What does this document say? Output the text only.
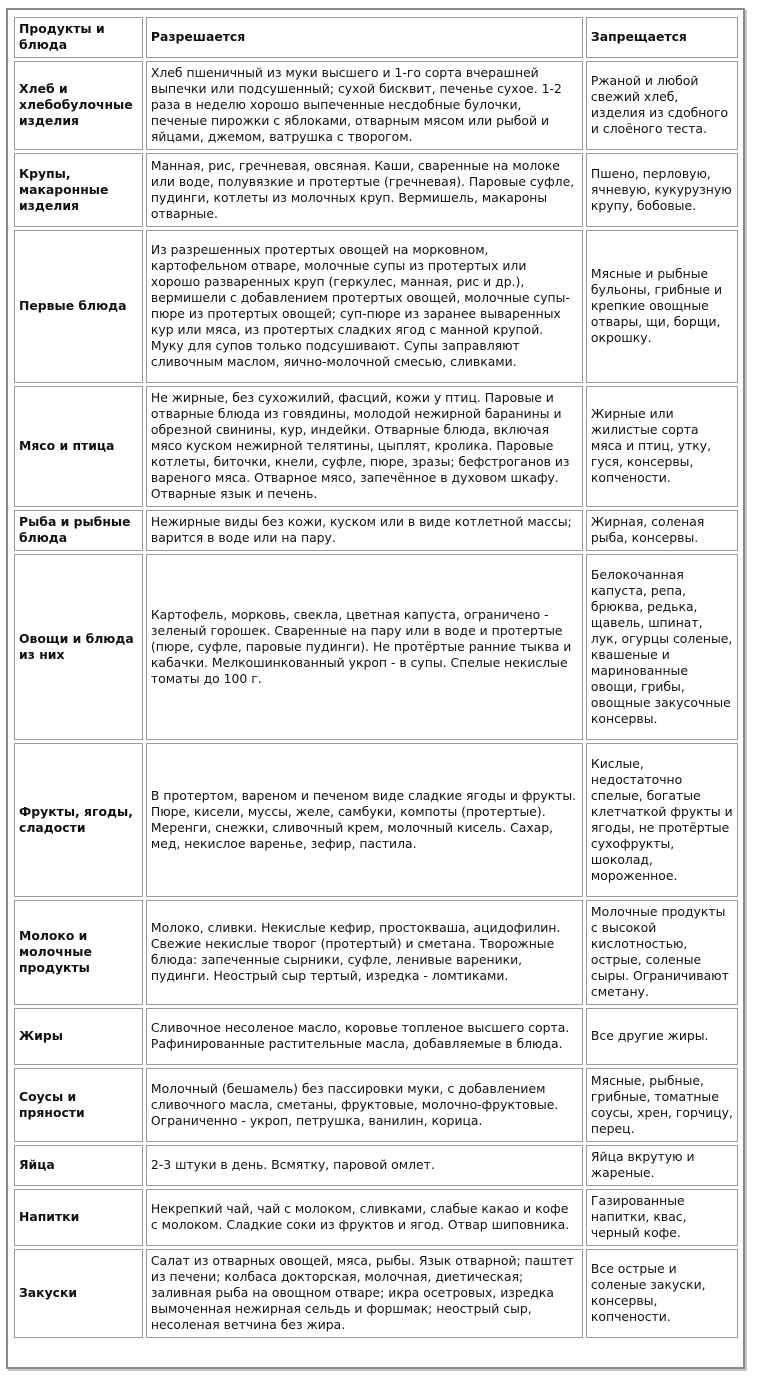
Продукты и блюда	Разрешается	Запрещается
Хлеб и хлебобулочные изделия	Хлеб пшеничный из муки высшего и 1-го сорта вчерашней выпечки или подсушенный; сухой бисквит, печенье сухое. 1-2 раза в неделю хорошо выпеченные несдобные булочки, печеные пирожки с яблоками, отварным мясом или рыбой и яйцами, джемом, ватрушка с творогом.	Ржаной и любой свежий хлеб, изделия из сдобного и слоёного теста.
Крупы, макаронные изделия	Манная, рис, гречневая, овсяная. Каши, сваренные на молоке или воде, полувязкие и протертые (гречневая). Паровые суфле, пудинги, котлеты из молочных круп. Вермишель, макароны отварные.	Пшено, перловую, ячневую, кукурузную крупу, бобовые.
Первые блюда	Из разрешенных протертых овощей на морковном, картофельном отваре, молочные супы из протертых или хорошо разваренных круп (геркулес, манная, рис и др.), вермишели с добавлением протертых овощей, молочные супы-пюре из протертых овощей; суп-пюре из заранее вываренных кур или мяса, из протертых сладких ягод с манной крупой. Муку для супов только подсушивают. Супы заправляют сливочным маслом, яично-молочной смесью, сливками.	Мясные и рыбные бульоны, грибные и крепкие овощные отвары, щи, борщи, окрошку.
Мясо и птица	Не жирные, без сухожилий, фасций, кожи у птиц. Паровые и отварные блюда из говядины, молодой нежирной баранины и обрезной свинины, кур, индейки. Отварные блюда, включая мясо куском нежирной телятины, цыплят, кролика. Паровые котлеты, биточки, кнели, суфле, пюре, зразы; бефстроганов из вареного мяса. Отварное мясо, запечённое в духовом шкафу. Отварные язык и печень.	Жирные или жилистые сорта мяса и птиц, утку, гуся, консервы, копчености.
Рыба и рыбные блюда	Нежирные виды без кожи, куском или в виде котлетной массы; варится в воде или на пару.	Жирная, соленая рыба, консервы.
Овощи и блюда из них	Картофель, морковь, свекла, цветная капуста, ограничено - зеленый горошек. Сваренные на пару или в воде и протертые (пюре, суфле, паровые пудинги). Не протёртые ранние тыква и кабачки. Мелкошинкованный укроп - в супы. Спелые некислые томаты до 100 г.	Белокочанная капуста, репа, брюква, редька, щавель, шпинат, лук, огурцы соленые, квашеные и маринованные овощи, грибы, овощные закусочные консервы.
Фрукты, ягоды, сладости	В протертом, вареном и печеном виде сладкие ягоды и фрукты. Пюре, кисели, муссы, желе, самбуки, компоты (протертые). Меренги, снежки, сливочный крем, молочный кисель. Сахар, мед, некислое варенье, зефир, пастила.	Кислые, недостаточно спелые, богатые клетчаткой фрукты и ягоды, не протёртые сухофрукты, шоколад, мороженное.
Молоко и молочные продукты	Молоко, сливки. Некислые кефир, простокваша, ацидофилин. Свежие некислые творог (протертый) и сметана. Творожные блюда: запеченные сырники, суфле, ленивые вареники, пудинги. Неострый сыр тертый, изредка - ломтиками.	Молочные продукты с высокой кислотностью, острые, соленые сыры. Ограничивают сметану.
Жиры	Сливочное несоленое масло, коровье топленое высшего сорта. Рафинированные растительные масла, добавляемые в блюда.	Все другие жиры.
Соусы и пряности	Молочный (бешамель) без пассировки муки, с добавлением сливочного масла, сметаны, фруктовые, молочно-фруктовые. Ограниченно - укроп, петрушка, ванилин, корица.	Мясные, рыбные, грибные, томатные соусы, хрен, горчицу, перец.
Яйца	2-3 штуки в день. Всмятку, паровой омлет.	Яйца вкрутую и жареные.
Напитки	Некрепкий чай, чай с молоком, сливками, слабые какао и кофе с молоком. Сладкие соки из фруктов и ягод. Отвар шиповника.	Газированные напитки, квас, черный кофе.
Закуски	Салат из отварных овощей, мяса, рыбы. Язык отварной; паштет из печени; колбаса докторская, молочная, диетическая; заливная рыба на овощном отваре; икра осетровых, изредка вымоченная нежирная сельдь и форшмак; неострый сыр, несоленая ветчина без жира.	Все острые и соленые закуски, консервы, копчености.
